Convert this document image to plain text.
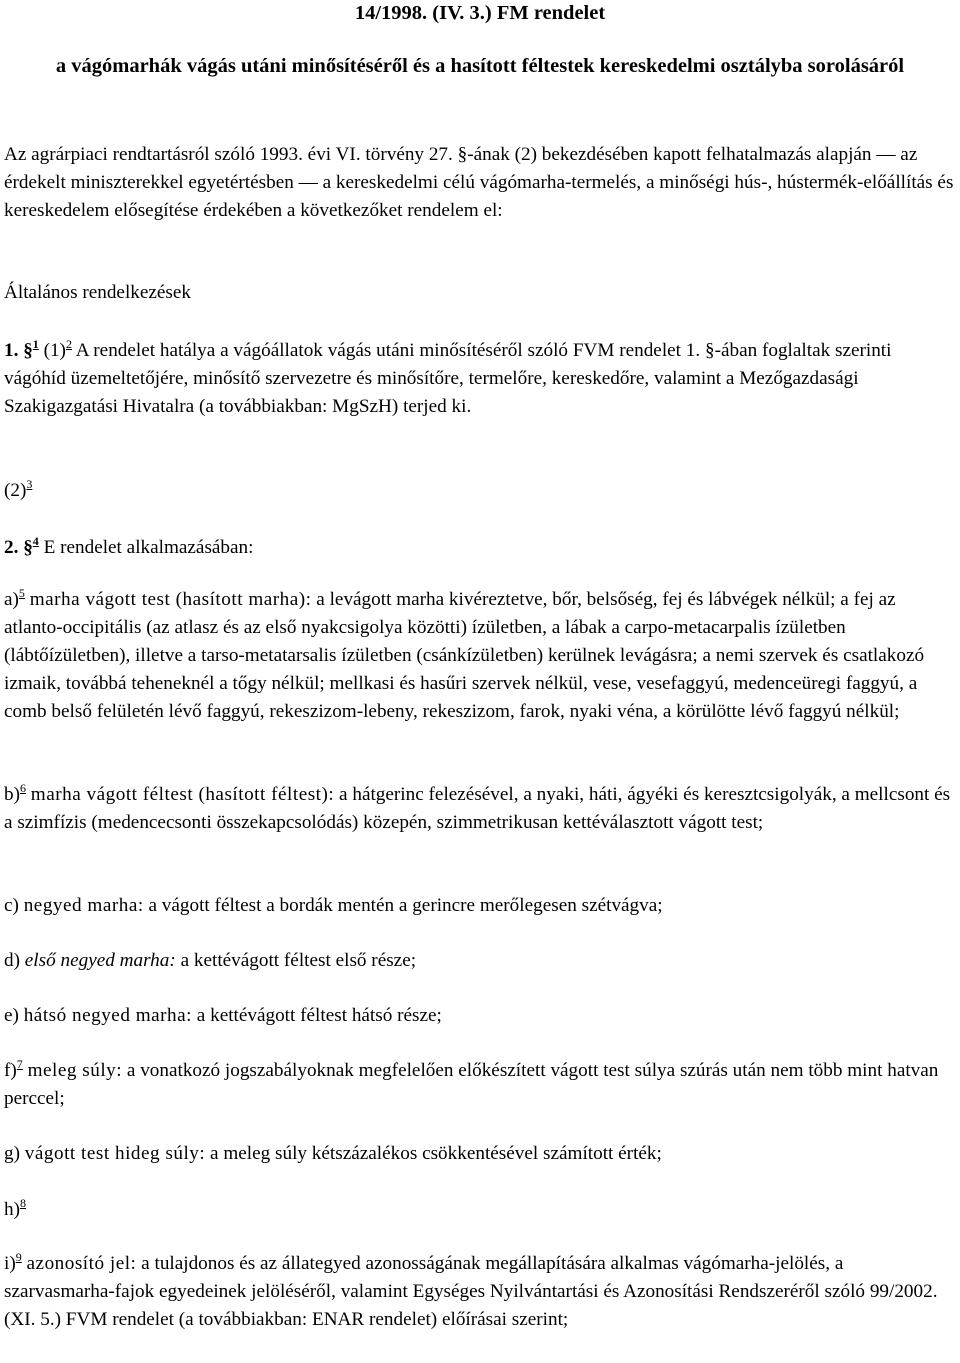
14/1998. (IV. 3.) FM rendelet

a vágómarhák vágás utáni minősítéséről és a hasított féltestek kereskedelmi osztályba sorolásáról

Az agrárpiaci rendtartásról szóló 1993. évi VI. törvény 27. §-ának (2) bekezdésében kapott felhatalmazás alapján — az érdekelt miniszterekkel egyetértésben — a kereskedelmi célú vágómarha-termelés, a minőségi hús-, hústermék-előállítás és kereskedelem elősegítése érdekében a következőket rendelem el:

Általános rendelkezések

1. §$^1$ $(1)^2$ A rendelet hatálya a vágóállatok vágás utáni minősítéséről szóló FVM rendelet 1. §-ában foglaltak szerinti vágóhíd üzemeltetőjére, minősítő szervezetre és minősítőre, termelőre, kereskedőre, valamint a Mezőgazdasági Szakigazgatási Hivatalra (a továbbiakban: MgSzH) terjed ki.

$(2)^3$

2. §$^4$ E rendelet alkalmazásában:

a)$^5$ marha vágott test (hasított marha): a levágott marha kivéreztetve, bőr, belsőség, fej és lábvégek nélkül; a fej az atlanto-occipitális (az atlasz és az első nyakcsigolya közötti) ízületben, a lábak a carpo-metacarpalis ízületben (lábtőízületben), illetve a tarso-metatarsalis ízületben (csánkízületben) kerülnek levágásra; a nemi szervek és csatlakozó izmaik, továbbá teheneknél a tőgy nélkül; mellkasi és hasűri szervek nélkül, vese, vesefaggyú, medenceüregi faggyú, a comb belső felületén lévő faggyú, rekeszizom-lebeny, rekeszizom, farok, nyaki véna, a körülötte lévő faggyú nélkül;

b)$^6$ marha vágott féltest (hasított féltest): a hátgerinc felezésével, a nyaki, háti, ágyéki és keresztcsigolyák, a mellcsont és a szimfízis (medencecsonti összekapcsolódás) közepén, szimmetrikusan kettéválasztott vágott test;

c) negyed marha: a vágott féltest a bordák mentén a gerincre merőlegesen szétvágva;

d) első negyed marha: a kettévágott féltest első része;

e) hátsó negyed marha: a kettévágott féltest hátsó része;

f)$^7$ meleg súly: a vonatkozó jogszabályoknak megfelelően előkészített vágott test súlya szúrás után nem több mint hatvan perccel;

g) vágott test hideg súly: a meleg súly kétszázalékos csökkentésével számított érték;

h)$^8$

i)$^9$ azonosító jel: a tulajdonos és az állategyed azonosságának megállapítására alkalmas vágómarha-jelölés, a szarvasmarha-fajok egyedeinek jelöléséről, valamint Egységes Nyilvántartási és Azonosítási Rendszeréről szóló 99/2002. (XI. 5.) FVM rendelet (a továbbiakban: ENAR rendelet) előírásai szerint;
